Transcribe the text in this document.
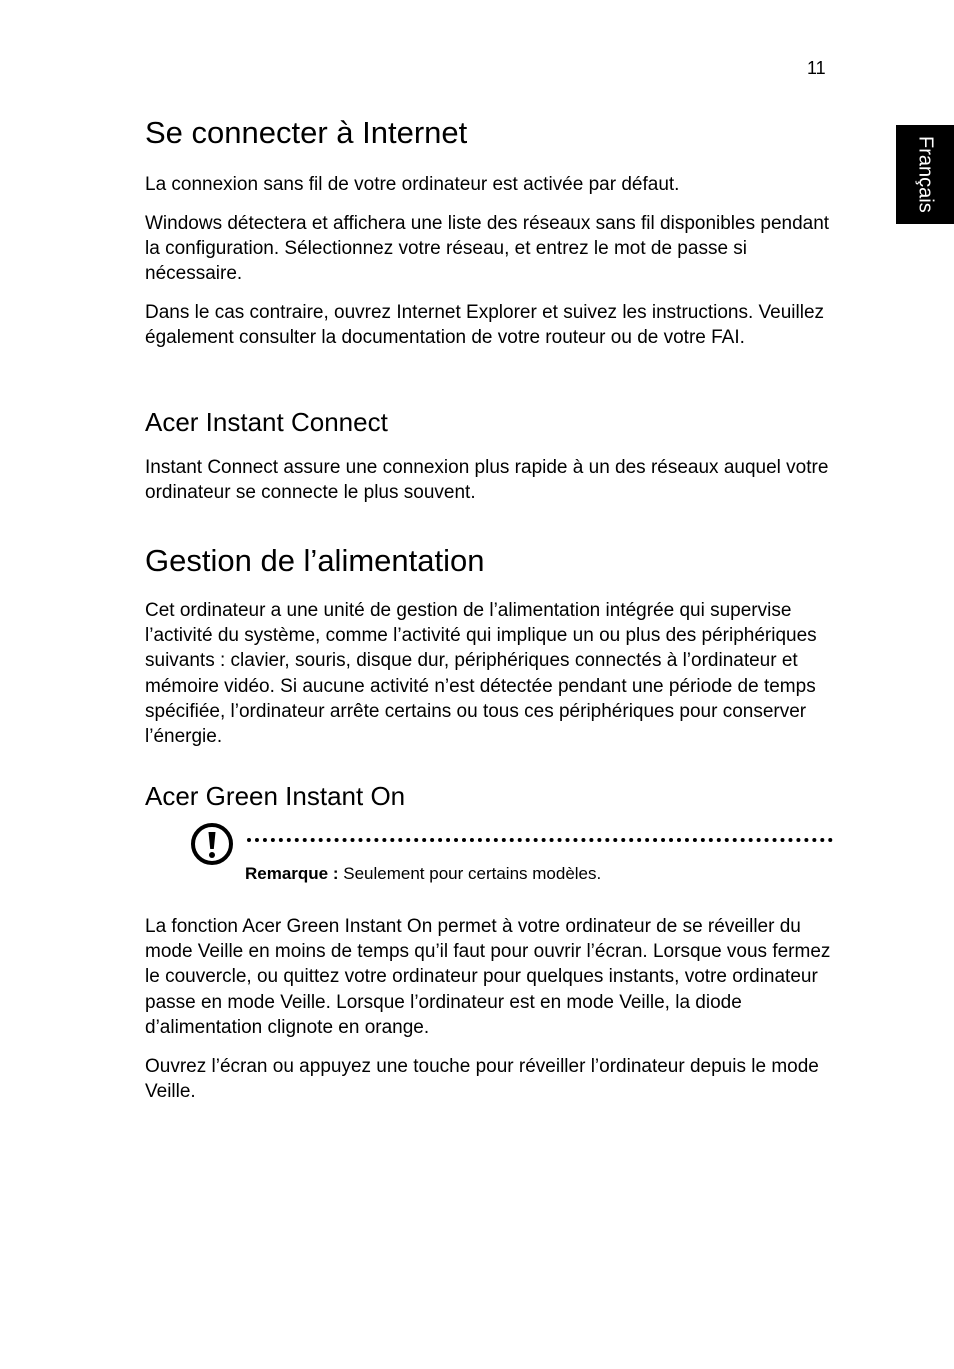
11
Français
Se connecter à Internet
La connexion sans fil de votre ordinateur est activée par défaut.
Windows détectera et affichera une liste des réseaux sans fil disponibles pendant la configuration. Sélectionnez votre réseau, et entrez le mot de passe si nécessaire.
Dans le cas contraire, ouvrez Internet Explorer et suivez les instructions. Veuillez également consulter la documentation de votre routeur ou de votre FAI.
Acer Instant Connect
Instant Connect assure une connexion plus rapide à un des réseaux auquel votre ordinateur se connecte le plus souvent.
Gestion de l’alimentation
Cet ordinateur a une unité de gestion de l’alimentation intégrée qui supervise l’activité du système, comme l’activité qui implique un ou plus des périphériques suivants : clavier, souris, disque dur, périphériques connectés à l’ordinateur et mémoire vidéo. Si aucune activité n’est détectée pendant une période de temps spécifiée, l’ordinateur arrête certains ou tous ces périphériques pour conserver l’énergie.
Acer Green Instant On
Remarque : Seulement pour certains modèles.
La fonction Acer Green Instant On permet à votre ordinateur de se réveiller du mode Veille en moins de temps qu’il faut pour ouvrir l’écran. Lorsque vous fermez le couvercle, ou quittez votre ordinateur pour quelques instants, votre ordinateur passe en mode Veille. Lorsque l’ordinateur est en mode Veille, la diode d’alimentation clignote en orange.
Ouvrez l’écran ou appuyez une touche pour réveiller l’ordinateur depuis le mode Veille.
